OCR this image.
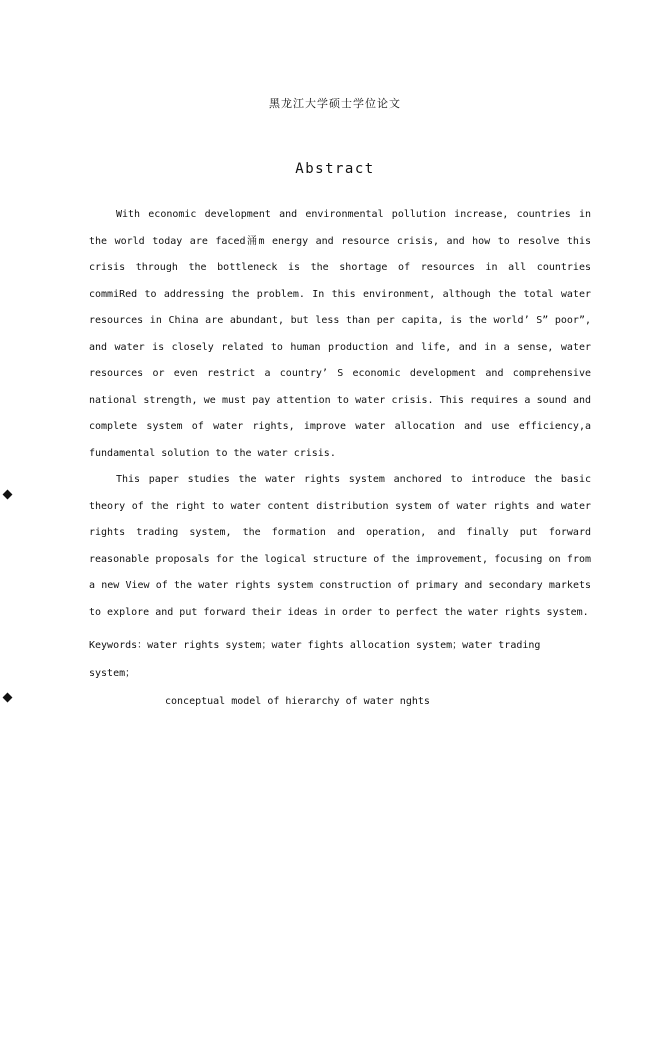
黑龙江大学硕士学位论文
Abstract

With economic development and environmental pollution increase, countries in the world today are faced涌m energy and resource crisis, and how to resolve this crisis through the bottleneck is the shortage of resources in all countries commiRed to addressing the problem. In this environment, although the total water resources in China are abundant, but less than per capita, is the world’ S” poor”, and water is closely related to human production and life, and in a sense, water resources or even restrict a country’ S economic development and comprehensive national strength, we must pay attention to water crisis. This requires a sound and complete system of water rights, improve water allocation and use efficiency,a fundamental solution to the water crisis.

This paper studies the water rights system anchored to introduce the basic theory of the right to water content distribution system of water rights and water rights trading system, the formation and operation, and finally put forward reasonable proposals for the logical structure of the improvement, focusing on from a new View of the water rights system construction of primary and secondary markets to explore and put forward their ideas in order to perfect the water rights system.

Keywords：water rights system；water fights allocation system；water trading system；
conceptual model of hierarchy of water nghts
